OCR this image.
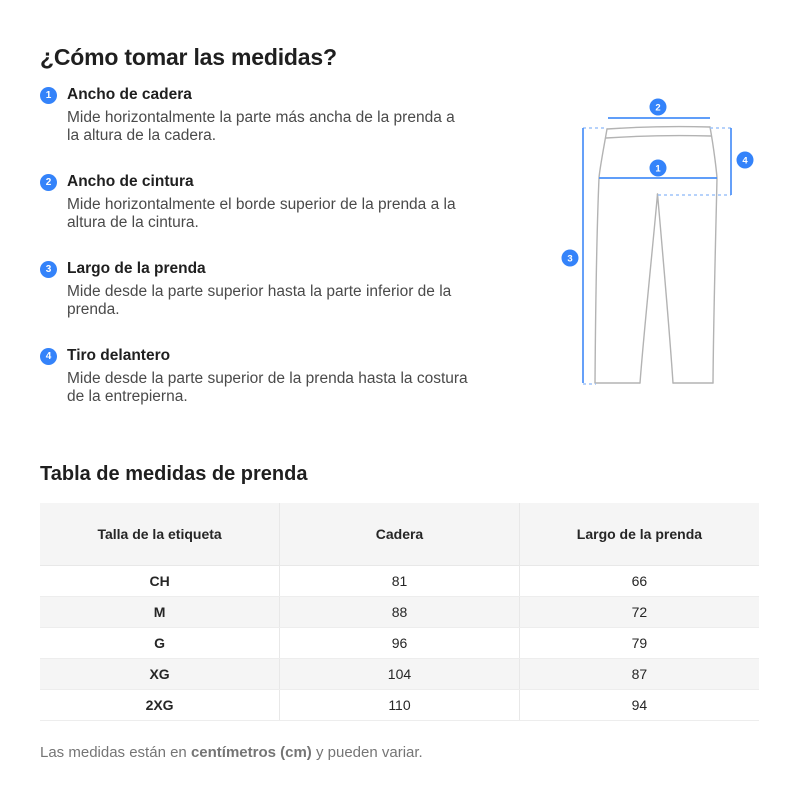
¿Cómo tomar las medidas?
1	Ancho de cadera
Mide horizontalmente la parte más ancha de la prenda a
la altura de la cadera.
2	Ancho de cintura
Mide horizontalmente el borde superior de la prenda a la
altura de la cintura.
3	Largo de la prenda
Mide desde la parte superior hasta la parte inferior de la
prenda.
4	Tiro delantero
Mide desde la parte superior de la prenda hasta la costura
de la entrepierna.
1
2
3
4
Tabla de medidas de prenda
Talla de la etiqueta	Cadera	Largo de la prenda
CH	81	66
M	88	72
G	96	79
XG	104	87
2XG	110	94
Las medidas están en centímetros (cm) y pueden variar.
